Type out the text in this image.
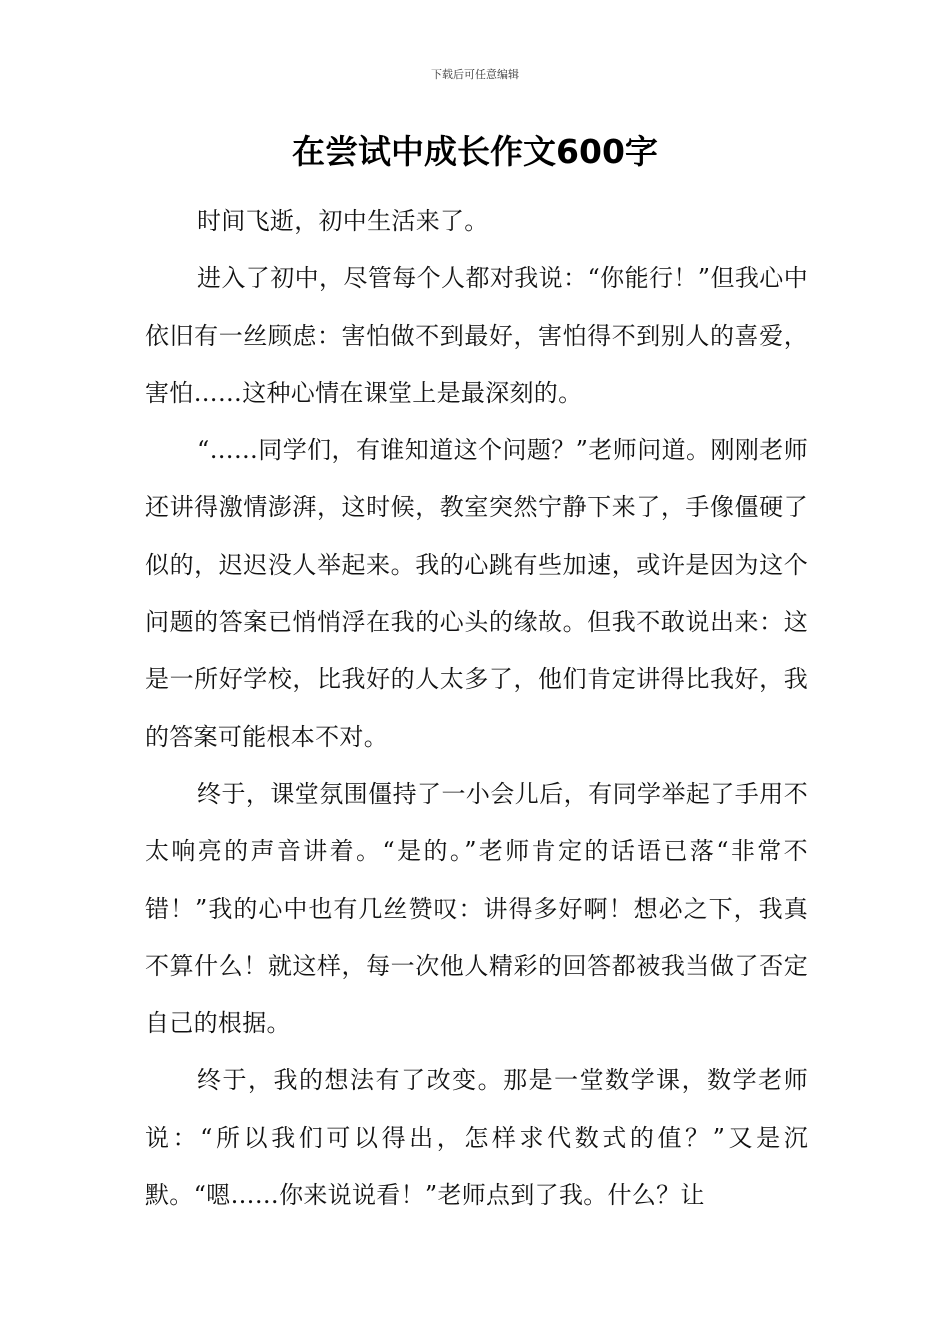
下载后可任意编辑
在尝试中成长作文600字

时间飞逝，初中生活来了。

进入了初中，尽管每个人都对我说：“你能行！”但我心中依旧有一丝顾虑：害怕做不到最好，害怕得不到别人的喜爱，害怕……这种心情在课堂上是最深刻的。

“……同学们，有谁知道这个问题？”老师问道。刚刚老师还讲得激情澎湃，这时候，教室突然宁静下来了，手像僵硬了似的，迟迟没人举起来。我的心跳有些加速，或许是因为这个问题的答案已悄悄浮在我的心头的缘故。但我不敢说出来：这是一所好学校，比我好的人太多了，他们肯定讲得比我好，我的答案可能根本不对。

终于，课堂氛围僵持了一小会儿后，有同学举起了手用不太响亮的声音讲着。“是的。”老师肯定的话语已落“非常不错！”我的心中也有几丝赞叹：讲得多好啊！想必之下，我真不算什么！就这样，每一次他人精彩的回答都被我当做了否定自己的根据。

终于，我的想法有了改变。那是一堂数学课，数学老师说：“所以我们可以得出，怎样求代数式的值？”又是沉默。“嗯……你来说说看！”老师点到了我。什么？让
